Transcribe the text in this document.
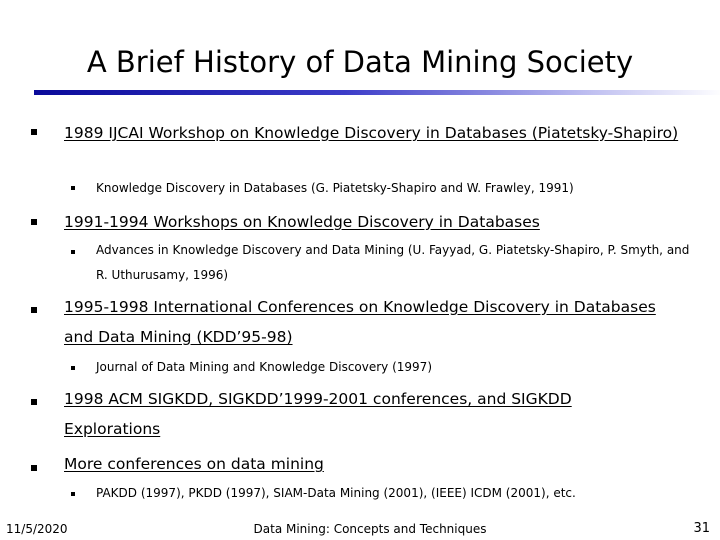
A Brief History of Data Mining Society
1989 IJCAI Workshop on Knowledge Discovery in Databases (Piatetsky-Shapiro)
Knowledge Discovery in Databases (G. Piatetsky-Shapiro and W. Frawley, 1991)
1991-1994 Workshops on Knowledge Discovery in Databases
Advances in Knowledge Discovery and Data Mining (U. Fayyad, G. Piatetsky-Shapiro, P. Smyth, and R. Uthurusamy, 1996)
1995-1998 International Conferences on Knowledge Discovery in Databases and Data Mining (KDD’95-98)
Journal of Data Mining and Knowledge Discovery (1997)
1998 ACM SIGKDD, SIGKDD’1999-2001 conferences, and SIGKDD Explorations
More conferences on data mining
PAKDD (1997), PKDD (1997), SIAM-Data Mining (2001), (IEEE) ICDM (2001), etc.
11/5/2020	Data Mining: Concepts and Techniques	31
